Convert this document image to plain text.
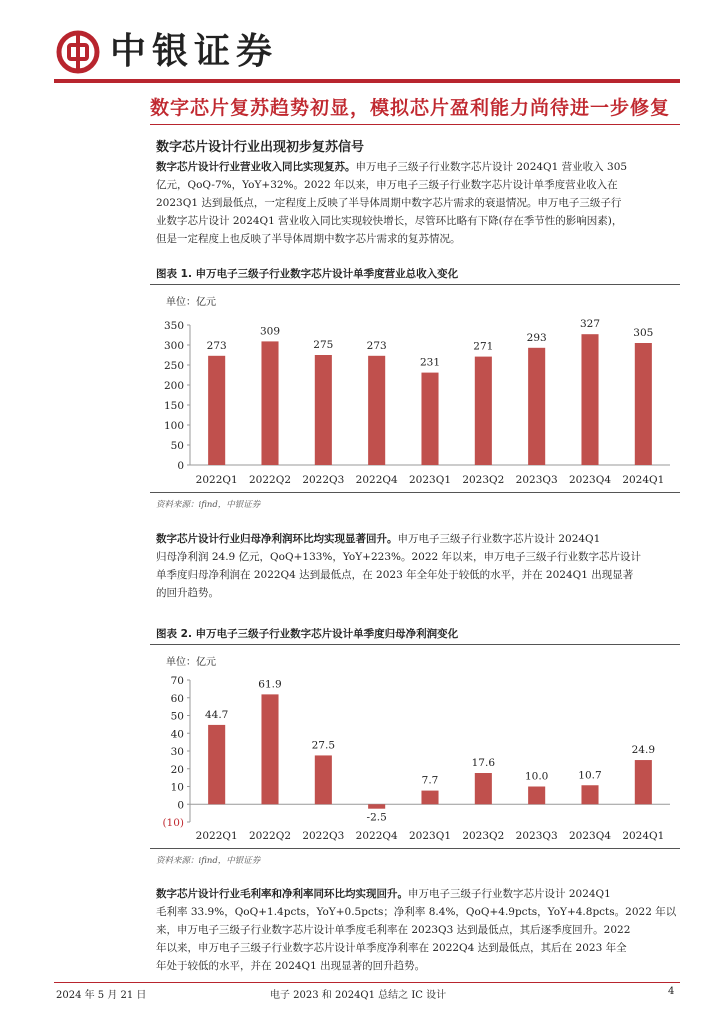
中银证券
数字芯片复苏趋势初显，模拟芯片盈利能力尚待进一步修复
数字芯片设计行业出现初步复苏信号
数字芯片设计行业营业收入同比实现复苏。申万电子三级子行业数字芯片设计 2024Q1 营业收入 305
亿元，QoQ-7%，YoY+32%。2022 年以来，申万电子三级子行业数字芯片设计单季度营业收入在
2023Q1 达到最低点，一定程度上反映了半导体周期中数字芯片需求的衰退情况。申万电子三级子行
业数字芯片设计 2024Q1 营业收入同比实现较快增长，尽管环比略有下降(存在季节性的影响因素)，
但是一定程度上也反映了半导体周期中数字芯片需求的复苏情况。
图表 1. 申万电子三级子行业数字芯片设计单季度营业总收入变化
单位：亿元
0
50
100
150
200
250
300
350
273
2022Q1
309
2022Q2
275
2022Q3
273
2022Q4
231
2023Q1
271
2023Q2
293
2023Q3
327
2023Q4
305
2024Q1
资料来源：ifind，中银证券
数字芯片设计行业归母净利润环比均实现显著回升。申万电子三级子行业数字芯片设计 2024Q1
归母净利润 24.9 亿元，QoQ+133%，YoY+223%。2022 年以来，申万电子三级子行业数字芯片设计
单季度归母净利润在 2022Q4 达到最低点，在 2023 年全年处于较低的水平，并在 2024Q1 出现显著
的回升趋势。
图表 2. 申万电子三级子行业数字芯片设计单季度归母净利润变化
单位：亿元
(10)
0
10
20
30
40
50
60
70
44.7
2022Q1
61.9
2022Q2
27.5
2022Q3
-2.5
2022Q4
7.7
2023Q1
17.6
2023Q2
10.0
2023Q3
10.7
2023Q4
24.9
2024Q1
资料来源：ifind，中银证券
数字芯片设计行业毛利率和净利率同环比均实现回升。申万电子三级子行业数字芯片设计 2024Q1
毛利率 33.9%，QoQ+1.4pcts，YoY+0.5pcts；净利率 8.4%，QoQ+4.9pcts，YoY+4.8pcts。2022 年以
来，申万电子三级子行业数字芯片设计单季度毛利率在 2023Q3 达到最低点，其后逐季度回升。2022
年以来，申万电子三级子行业数字芯片设计单季度净利率在 2022Q4 达到最低点，其后在 2023 年全
年处于较低的水平，并在 2024Q1 出现显著的回升趋势。
2024 年 5 月 21 日	电子 2023 和 2024Q1 总结之 IC 设计	4
